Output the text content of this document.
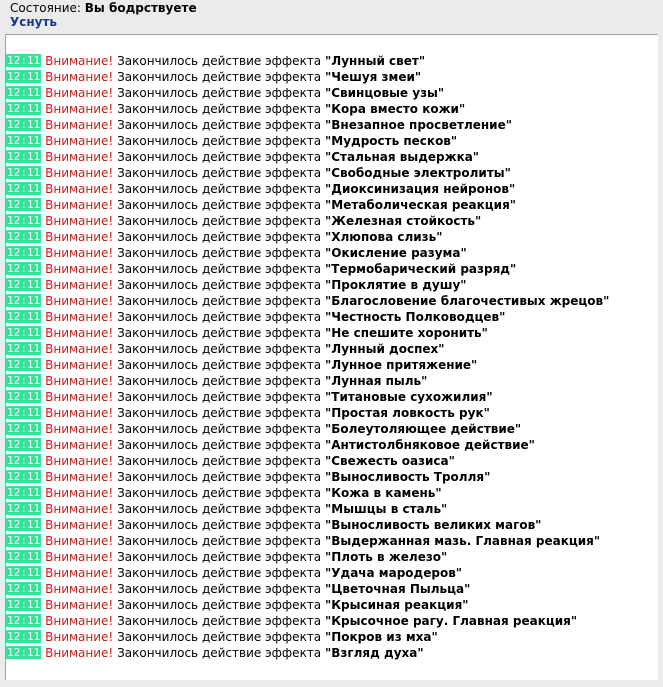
Состояние: Вы бодрствуете
Уснуть
12:11 Внимание! Закончилось действие эффекта "Лунный свет"
12:11 Внимание! Закончилось действие эффекта "Чешуя змеи"
12:11 Внимание! Закончилось действие эффекта "Свинцовые узы"
12:11 Внимание! Закончилось действие эффекта "Кора вместо кожи"
12:11 Внимание! Закончилось действие эффекта "Внезапное просветление"
12:11 Внимание! Закончилось действие эффекта "Мудрость песков"
12:11 Внимание! Закончилось действие эффекта "Стальная выдержка"
12:11 Внимание! Закончилось действие эффекта "Свободные электролиты"
12:11 Внимание! Закончилось действие эффекта "Диоксинизация нейронов"
12:11 Внимание! Закончилось действие эффекта "Метаболическая реакция"
12:11 Внимание! Закончилось действие эффекта "Железная стойкость"
12:11 Внимание! Закончилось действие эффекта "Хлюпова слизь"
12:11 Внимание! Закончилось действие эффекта "Окисление разума"
12:11 Внимание! Закончилось действие эффекта "Термобарический разряд"
12:11 Внимание! Закончилось действие эффекта "Проклятие в душу"
12:11 Внимание! Закончилось действие эффекта "Благословение благочестивых жрецов"
12:11 Внимание! Закончилось действие эффекта "Честность Полководцев"
12:11 Внимание! Закончилось действие эффекта "Не спешите хоронить"
12:11 Внимание! Закончилось действие эффекта "Лунный доспех"
12:11 Внимание! Закончилось действие эффекта "Лунное притяжение"
12:11 Внимание! Закончилось действие эффекта "Лунная пыль"
12:11 Внимание! Закончилось действие эффекта "Титановые сухожилия"
12:11 Внимание! Закончилось действие эффекта "Простая ловкость рук"
12:11 Внимание! Закончилось действие эффекта "Болеутоляющее действие"
12:11 Внимание! Закончилось действие эффекта "Антистолбняковое действие"
12:11 Внимание! Закончилось действие эффекта "Свежесть оазиса"
12:11 Внимание! Закончилось действие эффекта "Выносливость Тролля"
12:11 Внимание! Закончилось действие эффекта "Кожа в камень"
12:11 Внимание! Закончилось действие эффекта "Мышцы в сталь"
12:11 Внимание! Закончилось действие эффекта "Выносливость великих магов"
12:11 Внимание! Закончилось действие эффекта "Выдержанная мазь. Главная реакция"
12:11 Внимание! Закончилось действие эффекта "Плоть в железо"
12:11 Внимание! Закончилось действие эффекта "Удача мародеров"
12:11 Внимание! Закончилось действие эффекта "Цветочная Пыльца"
12:11 Внимание! Закончилось действие эффекта "Крысиная реакция"
12:11 Внимание! Закончилось действие эффекта "Крысочное рагу. Главная реакция"
12:11 Внимание! Закончилось действие эффекта "Покров из мха"
12:11 Внимание! Закончилось действие эффекта "Взгляд духа"
